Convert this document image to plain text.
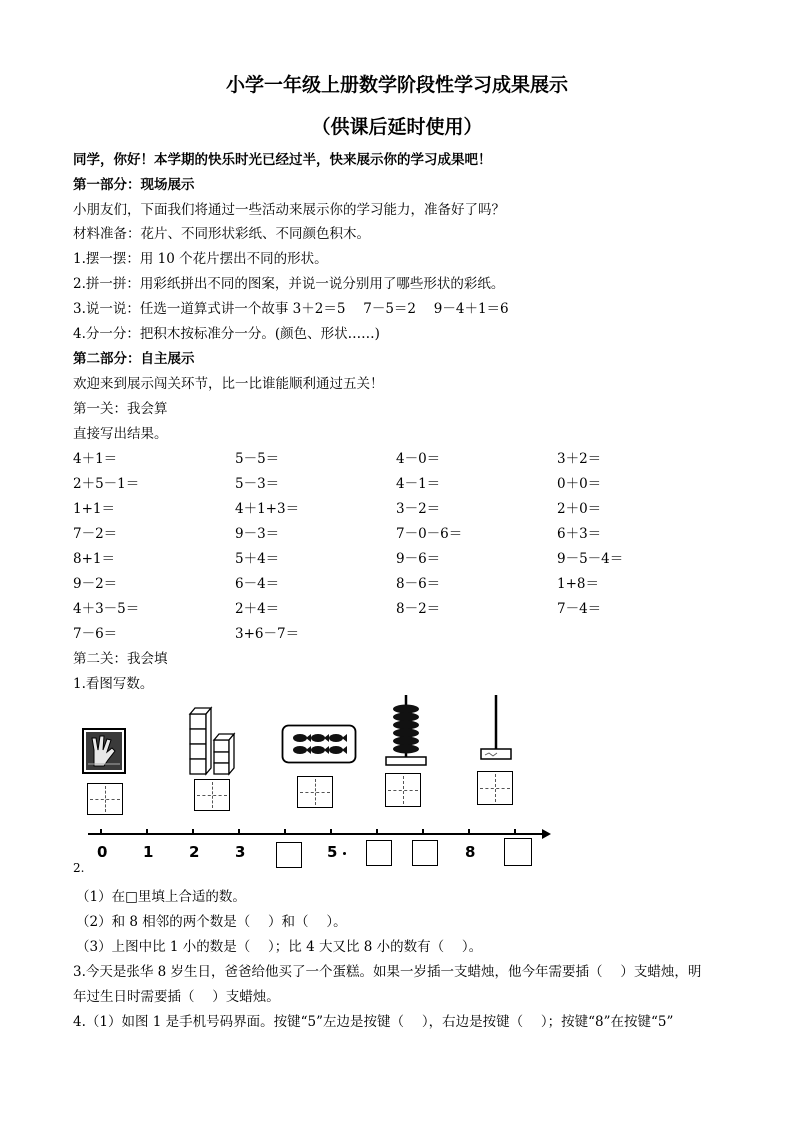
小学一年级上册数学阶段性学习成果展示
（供课后延时使用）
同学，你好！本学期的快乐时光已经过半，快来展示你的学习成果吧！
第一部分：现场展示
小朋友们，下面我们将通过一些活动来展示你的学习能力，准备好了吗？
材料准备：花片、不同形状彩纸、不同颜色积木。
1.摆一摆：用 10 个花片摆出不同的形状。
2.拼一拼：用彩纸拼出不同的图案，并说一说分别用了哪些形状的彩纸。
3.说一说：任选一道算式讲一个故事 3＋2＝5　 7－5＝2　 9－4＋1＝6
4.分一分：把积木按标准分一分。(颜色、形状……)
第二部分：自主展示
欢迎来到展示闯关环节，比一比谁能顺利通过五关！
第一关：我会算
直接写出结果。
4＋1＝	5－5＝	4－0＝	3＋2＝
2＋5－1＝	5－3＝	4－1＝	0＋0＝
1+1＝	4＋1+3＝	3－2＝	2＋0＝
7－2＝	9－3＝	7－0－6＝	6＋3＝
8+1＝	5＋4＝	9－6＝	9－5－4＝
9－2＝	6－4＝	8－6＝	1+8＝
4＋3－5＝	2＋4＝	8－2＝	7－4＝
7－6＝	3+6－7＝
第二关：我会填
1.看图写数。
0 1 2 3	5	8
2.
（1）在□里填上合适的数。
（2）和 8 相邻的两个数是（　 ）和（　 ）。
（3）上图中比 1 小的数是（　 ）；比 4 大又比 8 小的数有（　 ）。
3.今天是张华 8 岁生日，爸爸给他买了一个蛋糕。如果一岁插一支蜡烛，他今年需要插（　 ）支蜡烛，明
年过生日时需要插（　 ）支蜡烛。
4.（1）如图 1 是手机号码界面。按键“5”左边是按键（　 ），右边是按键（　 ）；按键“8”在按键“5”
